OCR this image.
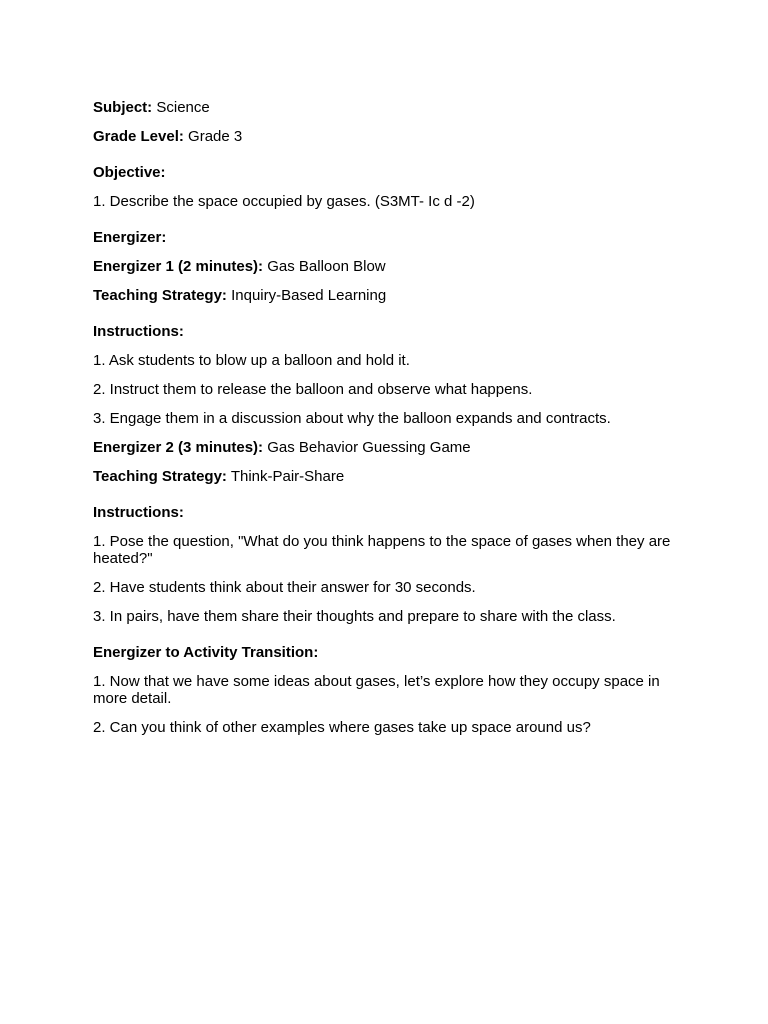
Subject: Science

Grade Level: Grade 3

Objective:

1. Describe the space occupied by gases. (S3MT- Ic d -2)

Energizer:

Energizer 1 (2 minutes): Gas Balloon Blow

Teaching Strategy: Inquiry-Based Learning

Instructions:

1. Ask students to blow up a balloon and hold it.

2. Instruct them to release the balloon and observe what happens.

3. Engage them in a discussion about why the balloon expands and contracts.

Energizer 2 (3 minutes): Gas Behavior Guessing Game

Teaching Strategy: Think-Pair-Share

Instructions:

1. Pose the question, "What do you think happens to the space of gases when they are heated?"

2. Have students think about their answer for 30 seconds.

3. In pairs, have them share their thoughts and prepare to share with the class.

Energizer to Activity Transition:

1. Now that we have some ideas about gases, let’s explore how they occupy space in more detail.

2. Can you think of other examples where gases take up space around us?
